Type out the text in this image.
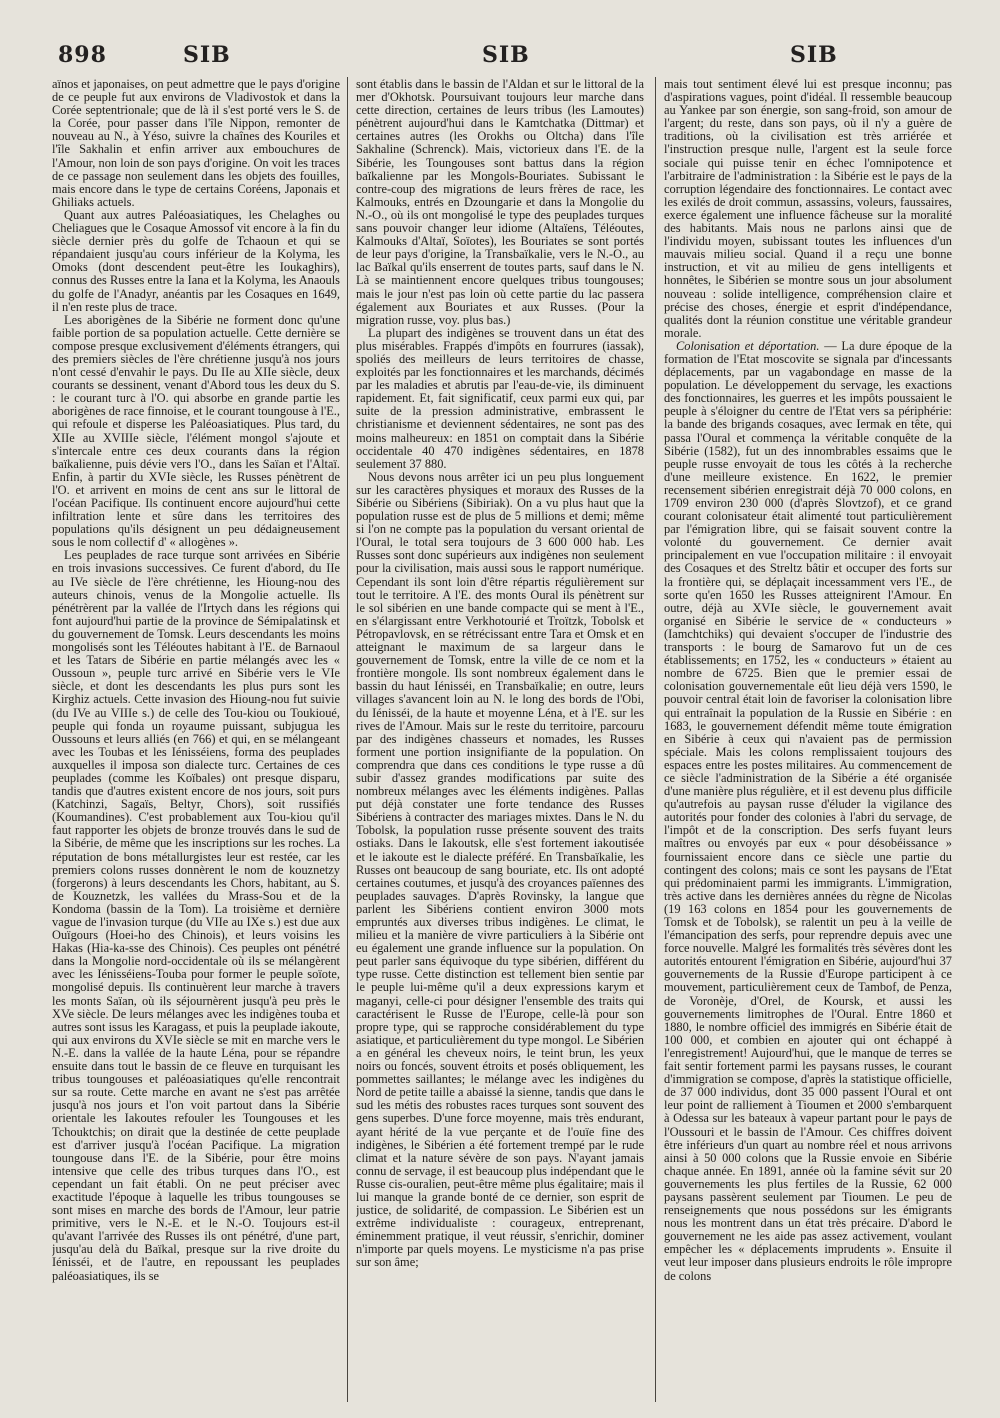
898	SIB	SIB	SIB

aïnos et japonaises, on peut admettre que le pays d'origine de ce peuple fut aux environs de Vladivostok et dans la Corée septentrionale; que de là il s'est porté vers le S. de la Corée, pour passer dans l'île Nippon, remonter de nouveau au N., à Yéso, suivre la chaînes des Kouriles et l'île Sakhalin et enfin arriver aux embouchures de l'Amour, non loin de son pays d'origine. On voit les traces de ce passage non seulement dans les objets des fouilles, mais encore dans le type de certains Coréens, Japonais et Ghiliaks actuels.

Quant aux autres Paléoasiatiques, les Chelaghes ou Cheliagues que le Cosaque Amossof vit encore à la fin du siècle dernier près du golfe de Tchaoun et qui se répandaient jusqu'au cours inférieur de la Kolyma, les Omoks (dont descendent peut-être les Ioukaghirs), connus des Russes entre la Iana et la Kolyma, les Anaouls du golfe de l'Anadyr, anéantis par les Cosaques en 1649, il n'en reste plus de trace.

Les aborigènes de la Sibérie ne forment donc qu'une faible portion de sa population actuelle. Cette dernière se compose presque exclusivement d'éléments étrangers, qui des premiers siècles de l'ère chrétienne jusqu'à nos jours n'ont cessé d'envahir le pays. Du IIe au XIIe siècle, deux courants se dessinent, venant d'Abord tous les deux du S. : le courant turc à l'O. qui absorbe en grande partie les aborigènes de race finnoise, et le courant toungouse à l'E., qui refoule et disperse les Paléoasiatiques. Plus tard, du XIIe au XVIIIe siècle, l'élément mongol s'ajoute et s'intercale entre ces deux courants dans la région baïkalienne, puis dévie vers l'O., dans les Saïan et l'Altaï. Enfin, à partir du XVIe siècle, les Russes pénètrent de l'O. et arrivent en moins de cent ans sur le littoral de l'océan Pacifique. Ils continuent encore aujourd'hui cette infiltration lente et sûre dans les territoires des populations qu'ils désignent un peu dédaigneusement sous le nom collectif d' « allogènes ».

Les peuplades de race turque sont arrivées en Sibérie en trois invasions successives. Ce furent d'abord, du IIe au IVe siècle de l'ère chrétienne, les Hioung-nou des auteurs chinois, venus de la Mongolie actuelle. Ils pénétrèrent par la vallée de l'Irtych dans les régions qui font aujourd'hui partie de la province de Sémipalatinsk et du gouvernement de Tomsk. Leurs descendants les moins mongolisés sont les Téléoutes habitant à l'E. de Barnaoul et les Tatars de Sibérie en partie mélangés avec les « Oussoun », peuple turc arrivé en Sibérie vers le VIe siècle, et dont les descendants les plus purs sont les Kirghiz actuels. Cette invasion des Hioung-nou fut suivie (du IVe au VIIIe s.) de celle des Tou-kiou ou Toukioué, peuple qui fonda un royaume puissant, subjugua les Oussouns et leurs alliés (en 766) et qui, en se mélangeant avec les Toubas et les Iénisséiens, forma des peuplades auxquelles il imposa son dialecte turc. Certaines de ces peuplades (comme les Koïbales) ont presque disparu, tandis que d'autres existent encore de nos jours, soit purs (Katchinzi, Sagaïs, Beltyr, Chors), soit russifiés (Koumandines). C'est probablement aux Tou-kiou qu'il faut rapporter les objets de bronze trouvés dans le sud de la Sibérie, de même que les inscriptions sur les roches. La réputation de bons métallurgistes leur est restée, car les premiers colons russes donnèrent le nom de kouznetzy (forgerons) à leurs descendants les Chors, habitant, au S. de Kouznetzk, les vallées du Mrass-Sou et de la Kondoma (bassin de la Tom). La troisième et dernière vague de l'invasion turque (du VIIe au IXe s.) est due aux Ouïgours (Hoei-ho des Chinois), et leurs voisins les Hakas (Hia-ka-sse des Chinois). Ces peuples ont pénétré dans la Mongolie nord-occidentale où ils se mélangèrent avec les Iénisséiens-Touba pour former le peuple soïote, mongolisé depuis. Ils continuèrent leur marche à travers les monts Saïan, où ils séjournèrent jusqu'à peu près le XVe siècle. De leurs mélanges avec les indigènes touba et autres sont issus les Karagass, et puis la peuplade iakoute, qui aux environs du XVIe siècle se mit en marche vers le N.-E. dans la vallée de la haute Léna, pour se répandre ensuite dans tout le bassin de ce fleuve en turquisant les tribus toungouses et paléoasiatiques qu'elle rencontrait sur sa route. Cette marche en avant ne s'est pas arrêtée jusqu'à nos jours et l'on voit partout dans la Sibérie orientale les Iakoutes refouler les Toungouses et les Tchouktchis; on dirait que la destinée de cette peuplade est d'arriver jusqu'à l'océan Pacifique. La migration toungouse dans l'E. de la Sibérie, pour être moins intensive que celle des tribus turques dans l'O., est cependant un fait établi. On ne peut préciser avec exactitude l'époque à laquelle les tribus toungouses se sont mises en marche des bords de l'Amour, leur patrie primitive, vers le N.-E. et le N.-O. Toujours est-il qu'avant l'arrivée des Russes ils ont pénétré, d'une part, jusqu'au delà du Baïkal, presque sur la rive droite du Iénisséi, et de l'autre, en repoussant les peuplades paléoasiatiques, ils se

sont établis dans le bassin de l'Aldan et sur le littoral de la mer d'Okhotsk. Poursuivant toujours leur marche dans cette direction, certaines de leurs tribus (les Lamoutes) pénètrent aujourd'hui dans le Kamtchatka (Dittmar) et certaines autres (les Orokhs ou Oltcha) dans l'île Sakhaline (Schrenck). Mais, victorieux dans l'E. de la Sibérie, les Toungouses sont battus dans la région baïkalienne par les Mongols-Bouriates. Subissant le contre-coup des migrations de leurs frères de race, les Kalmouks, entrés en Dzoungarie et dans la Mongolie du N.-O., où ils ont mongolisé le type des peuplades turques sans pouvoir changer leur idiome (Altaïens, Téléoutes, Kalmouks d'Altaï, Soïotes), les Bouriates se sont portés de leur pays d'origine, la Transbaïkalie, vers le N.-O., au lac Baïkal qu'ils enserrent de toutes parts, sauf dans le N. Là se maintiennent encore quelques tribus toungouses; mais le jour n'est pas loin où cette partie du lac passera également aux Bouriates et aux Russes. (Pour la migration russe, voy. plus bas.)

La plupart des indigènes se trouvent dans un état des plus misérables. Frappés d'impôts en fourrures (iassak), spoliés des meilleurs de leurs territoires de chasse, exploités par les fonctionnaires et les marchands, décimés par les maladies et abrutis par l'eau-de-vie, ils diminuent rapidement. Et, fait significatif, ceux parmi eux qui, par suite de la pression administrative, embrassent le christianisme et deviennent sédentaires, ne sont pas des moins malheureux: en 1851 on comptait dans la Sibérie occidentale 40 470 indigènes sédentaires, en 1878 seulement 37 880.

Nous devons nous arrêter ici un peu plus longuement sur les caractères physiques et moraux des Russes de la Sibérie ou Sibériens (Sibiriak). On a vu plus haut que la population russe est de plus de 5 millions et demi; même si l'on ne compte pas la population du versant oriental de l'Oural, le total sera toujours de 3 600 000 hab. Les Russes sont donc supérieurs aux indigènes non seulement pour la civilisation, mais aussi sous le rapport numérique. Cependant ils sont loin d'être répartis régulièrement sur tout le territoire. A l'E. des monts Oural ils pénètrent sur le sol sibérien en une bande compacte qui se ment à l'E., en s'élargissant entre Verkhotourié et Troïtzk, Tobolsk et Pétropavlovsk, en se rétrécissant entre Tara et Omsk et en atteignant le maximum de sa largeur dans le gouvernement de Tomsk, entre la ville de ce nom et la frontière mongole. Ils sont nombreux également dans le bassin du haut Iénisséi, en Transbaïkalie; en outre, leurs villages s'avancent loin au N. le long des bords de l'Obi, du Iénisséi, de la haute et moyenne Léna, et à l'E. sur les rives de l'Amour. Mais sur le reste du territoire, parcouru par des indigènes chasseurs et nomades, les Russes forment une portion insignifiante de la population. On comprendra que dans ces conditions le type russe a dû subir d'assez grandes modifications par suite des nombreux mélanges avec les éléments indigènes. Pallas put déjà constater une forte tendance des Russes Sibériens à contracter des mariages mixtes. Dans le N. du Tobolsk, la population russe présente souvent des traits ostiaks. Dans le Iakoutsk, elle s'est fortement iakoutisée et le iakoute est le dialecte préféré. En Transbaïkalie, les Russes ont beaucoup de sang bouriate, etc. Ils ont adopté certaines coutumes, et jusqu'à des croyances païennes des peuplades sauvages. D'après Rovinsky, la langue que parlent les Sibériens contient environ 3000 mots empruntés aux diverses tribus indigènes. Le climat, le milieu et la manière de vivre particuliers à la Sibérie ont eu également une grande influence sur la population. On peut parler sans équivoque du type sibérien, différent du type russe. Cette distinction est tellement bien sentie par le peuple lui-même qu'il a deux expressions karym et maganyi, celle-ci pour désigner l'ensemble des traits qui caractérisent le Russe de l'Europe, celle-là pour son propre type, qui se rapproche considérablement du type asiatique, et particulièrement du type mongol. Le Sibérien a en général les cheveux noirs, le teint brun, les yeux noirs ou foncés, souvent étroits et posés obliquement, les pommettes saillantes; le mélange avec les indigènes du Nord de petite taille a abaissé la sienne, tandis que dans le sud les métis des robustes races turques sont souvent des gens superbes. D'une force moyenne, mais très endurant, ayant hérité de la vue perçante et de l'ouïe fine des indigènes, le Sibérien a été fortement trempé par le rude climat et la nature sévère de son pays. N'ayant jamais connu de servage, il est beaucoup plus indépendant que le Russe cis-ouralien, peut-être même plus égalitaire; mais il lui manque la grande bonté de ce dernier, son esprit de justice, de solidarité, de compassion. Le Sibérien est un extrême individualiste : courageux, entreprenant, éminemment pratique, il veut réussir, s'enrichir, dominer n'importe par quels moyens. Le mysticisme n'a pas prise sur son âme;

mais tout sentiment élevé lui est presque inconnu; pas d'aspirations vagues, point d'idéal. Il ressemble beaucoup au Yankee par son énergie, son sang-froid, son amour de l'argent; du reste, dans son pays, où il n'y a guère de traditions, où la civilisation est très arriérée et l'instruction presque nulle, l'argent est la seule force sociale qui puisse tenir en échec l'omnipotence et l'arbitraire de l'administration : la Sibérie est le pays de la corruption légendaire des fonctionnaires. Le contact avec les exilés de droit commun, assassins, voleurs, faussaires, exerce également une influence fâcheuse sur la moralité des habitants. Mais nous ne parlons ainsi que de l'individu moyen, subissant toutes les influences d'un mauvais milieu social. Quand il a reçu une bonne instruction, et vit au milieu de gens intelligents et honnêtes, le Sibérien se montre sous un jour absolument nouveau : solide intelligence, compréhension claire et précise des choses, énergie et esprit d'indépendance, qualités dont la réunion constitue une véritable grandeur morale.

Colonisation et déportation. — La dure époque de la formation de l'Etat moscovite se signala par d'incessants déplacements, par un vagabondage en masse de la population. Le développement du servage, les exactions des fonctionnaires, les guerres et les impôts poussaient le peuple à s'éloigner du centre de l'Etat vers sa périphérie: la bande des brigands cosaques, avec Iermak en tête, qui passa l'Oural et commença la véritable conquête de la Sibérie (1582), fut un des innombrables essaims que le peuple russe envoyait de tous les côtés à la recherche d'une meilleure existence. En 1622, le premier recensement sibérien enregistrait déjà 70 000 colons, en 1709 environ 230 000 (d'après Slovtzof), et ce grand courant colonisateur était alimenté tout particulièrement par l'émigration libre, qui se faisait souvent contre la volonté du gouvernement. Ce dernier avait principalement en vue l'occupation militaire : il envoyait des Cosaques et des Streltz bâtir et occuper des forts sur la frontière qui, se déplaçait incessamment vers l'E., de sorte qu'en 1650 les Russes atteignirent l'Amour. En outre, déjà au XVIe siècle, le gouvernement avait organisé en Sibérie le service de « conducteurs » (Iamchtchiks) qui devaient s'occuper de l'industrie des transports : le bourg de Samarovo fut un de ces établissements; en 1752, les « conducteurs » étaient au nombre de 6725. Bien que le premier essai de colonisation gouvernementale eût lieu déjà vers 1590, le pouvoir central était loin de favoriser la colonisation libre qui entraînait la population de la Russie en Sibérie : en 1683, le gouvernement défendit même toute émigration en Sibérie à ceux qui n'avaient pas de permission spéciale. Mais les colons remplissaient toujours des espaces entre les postes militaires. Au commencement de ce siècle l'administration de la Sibérie a été organisée d'une manière plus régulière, et il est devenu plus difficile qu'autrefois au paysan russe d'éluder la vigilance des autorités pour fonder des colonies à l'abri du servage, de l'impôt et de la conscription. Des serfs fuyant leurs maîtres ou envoyés par eux « pour désobéissance » fournissaient encore dans ce siècle une partie du contingent des colons; mais ce sont les paysans de l'Etat qui prédominaient parmi les immigrants. L'immigration, très active dans les dernières années du règne de Nicolas (19 163 colons en 1854 pour les gouvernements de Tomsk et de Tobolsk), se ralentit un peu à la veille de l'émancipation des serfs, pour reprendre depuis avec une force nouvelle. Malgré les formalités très sévères dont les autorités entourent l'émigration en Sibérie, aujourd'hui 37 gouvernements de la Russie d'Europe participent à ce mouvement, particulièrement ceux de Tambof, de Penza, de Voronèje, d'Orel, de Koursk, et aussi les gouvernements limitrophes de l'Oural. Entre 1860 et 1880, le nombre officiel des immigrés en Sibérie était de 100 000, et combien en ajouter qui ont échappé à l'enregistrement! Aujourd'hui, que le manque de terres se fait sentir fortement parmi les paysans russes, le courant d'immigration se compose, d'après la statistique officielle, de 37 000 individus, dont 35 000 passent l'Oural et ont leur point de ralliement à Tioumen et 2000 s'embarquent à Odessa sur les bateaux à vapeur partant pour le pays de l'Oussouri et le bassin de l'Amour. Ces chiffres doivent être inférieurs d'un quart au nombre réel et nous arrivons ainsi à 50 000 colons que la Russie envoie en Sibérie chaque année. En 1891, année où la famine sévit sur 20 gouvernements les plus fertiles de la Russie, 62 000 paysans passèrent seulement par Tioumen. Le peu de renseignements que nous possédons sur les émigrants nous les montrent dans un état très précaire. D'abord le gouvernement ne les aide pas assez activement, voulant empêcher les « déplacements imprudents ». Ensuite il veut leur imposer dans plusieurs endroits le rôle impropre de colons
